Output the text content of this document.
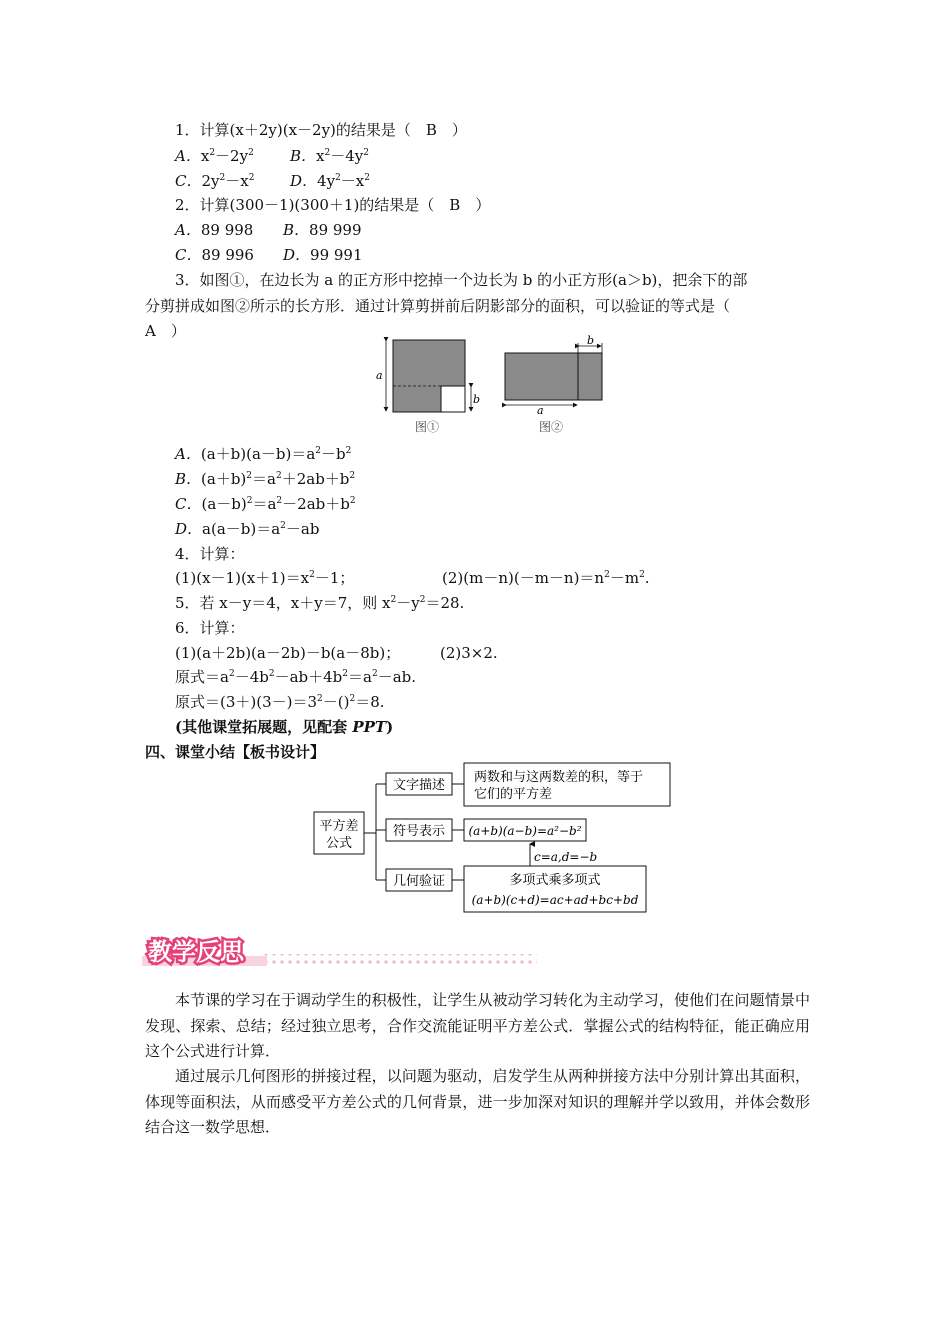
1．计算(x＋2y)(x－2y)的结果是（　B　）
A．$x^2-2y^2$ B．$x^2-4y^2$
C．$2y^2-x^2$ D．$4y^2-x^2$
2．计算(300－1)(300＋1)的结果是（　B　）
A．89 998 B．89 999
C．89 996 D．99 991
3．如图①，在边长为 a 的正方形中挖掉一个边长为 b 的小正方形(a＞b)，把余下的部
分剪拼成如图②所示的长方形．通过计算剪拼前后阴影部分的面积，可以验证的等式是（
A　）
a
b
图①
b
a
图②
A．$(a+b)(a-b)=a^2-b^2$
B．$(a+b)^2=a^2+2ab+b^2$
C．$(a-b)^2=a^2-2ab+b^2$
D．$a(a-b)=a^2-ab$
4．计算：
$(1)(x-1)(x+1)=x^2-1$；	$(2)(m-n)(-m-n)=n^2-m^2$.
5．若 x－y＝4，x＋y＝7，则 $x^2-y^2=28$.
6．计算：
(1)(a＋2b)(a－2b)－b(a－8b)；	(2)3×2.
原式$=a^2-4b^2-ab+4b^2=a^2-ab$.
原式$=(3+)(3-)=3^2-()^2=8$.
(其他课堂拓展题，见配套 PPT)
四、课堂小结【板书设计】
平方差
公式
文字描述
两数和与这两数差的积，等于
它们的平方差
符号表示 (a+b)(a−b)=a²−b²
c=a,d=−b
几何验证	多项式乘多项式
(a+b)(c+d)=ac+ad+bc+bd
教学反思
本节课的学习在于调动学生的积极性，让学生从被动学习转化为主动学习，使他们在问题情景中发现、探索、总结；经过独立思考，合作交流能证明平方差公式．掌握公式的结构特征，能正确应用这个公式进行计算．
通过展示几何图形的拼接过程，以问题为驱动，启发学生从两种拼接方法中分别计算出其面积，体现等面积法，从而感受平方差公式的几何背景，进一步加深对知识的理解并学以致用，并体会数形结合这一数学思想．
